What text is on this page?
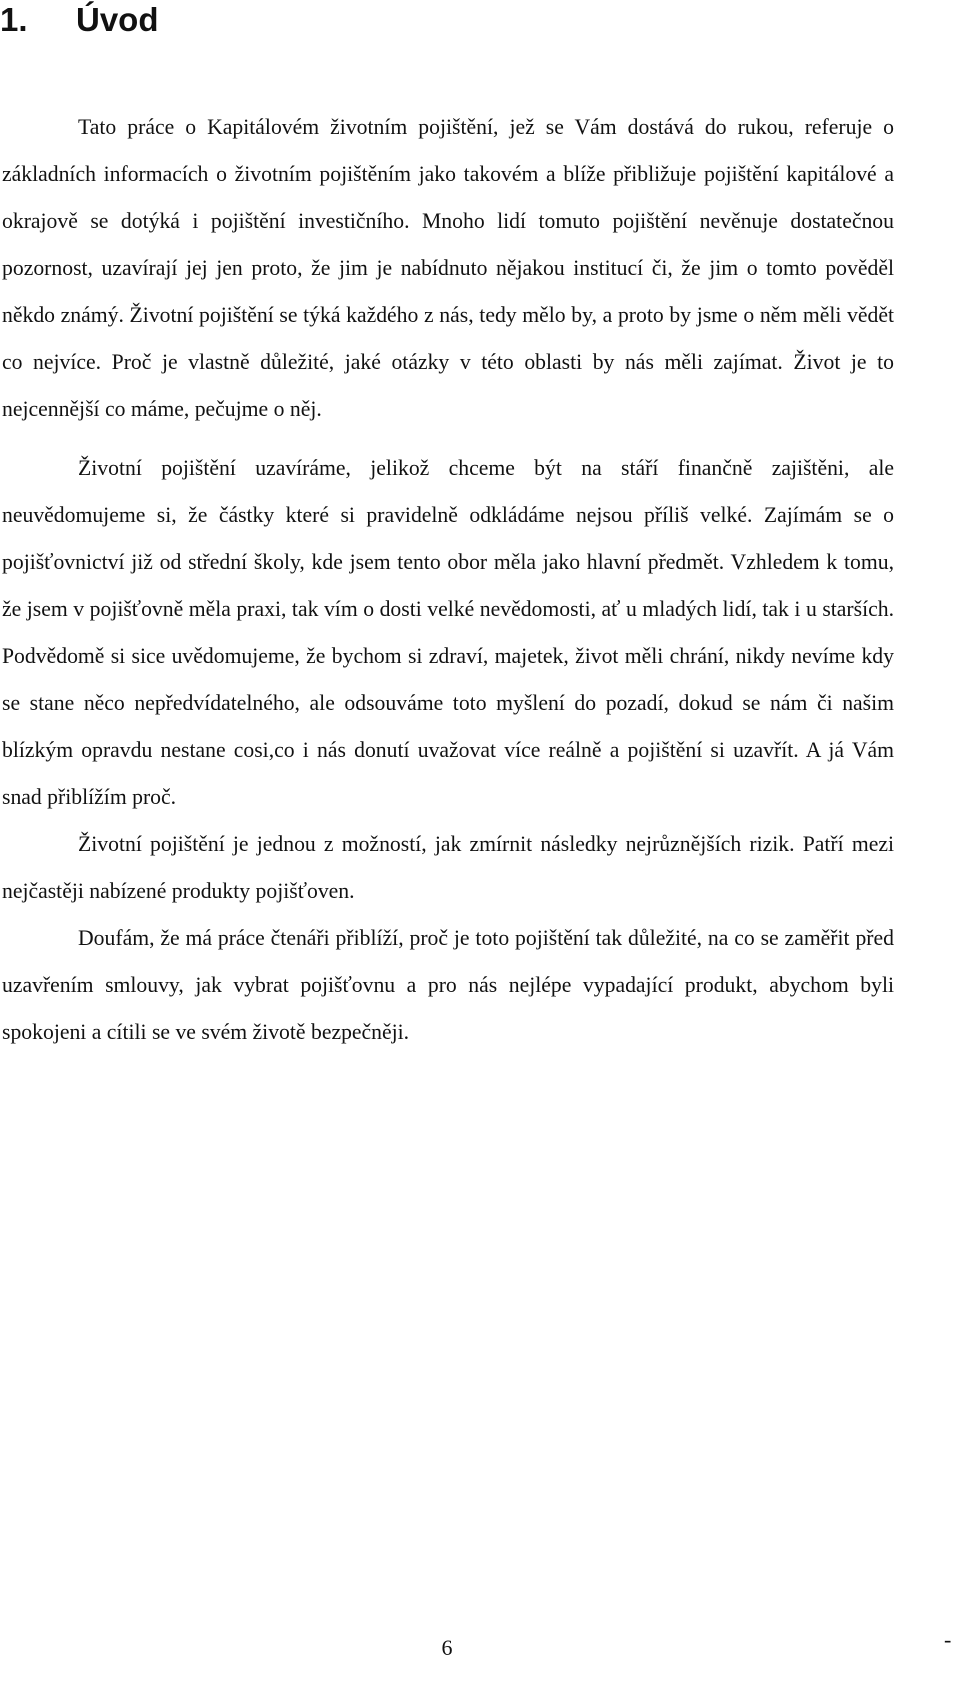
1. Úvod

Tato práce o Kapitálovém životním pojištění, jež se Vám dostává do rukou, referuje o základních informacích o životním pojištěním jako takovém a blíže přibližuje pojištění kapitálové a okrajově se dotýká i pojištění investičního. Mnoho lidí tomuto pojištění nevěnuje dostatečnou pozornost, uzavírají jej jen proto, že jim je nabídnuto nějakou institucí či, že jim o tomto pověděl někdo známý. Životní pojištění se týká každého z nás, tedy mělo by, a proto by jsme o něm měli vědět co nejvíce. Proč je vlastně důležité, jaké otázky v této oblasti by nás měli zajímat. Život je to nejcennější co máme, pečujme o něj.

Životní pojištění uzavíráme, jelikož chceme být na stáří finančně zajištěni, ale neuvědomujeme si, že částky které si pravidelně odkládáme nejsou příliš velké. Zajímám se o pojišťovnictví již od střední školy, kde jsem tento obor měla jako hlavní předmět. Vzhledem k tomu, že jsem v pojišťovně měla praxi, tak vím o dosti velké nevědomosti, ať u mladých lidí, tak i u starších. Podvědomě si sice uvědomujeme, že bychom si zdraví, majetek, život měli chrání, nikdy nevíme kdy se stane něco nepředvídatelného, ale odsouváme toto myšlení do pozadí, dokud se nám či našim blízkým opravdu nestane cosi,co i nás donutí uvažovat více reálně a pojištění si uzavřít. A já Vám snad přiblížím proč.

Životní pojištění je jednou z možností, jak zmírnit následky nejrůznějších rizik. Patří mezi nejčastěji nabízené produkty pojišťoven.

Doufám, že má práce čtenáři přiblíží, proč je toto pojištění tak důležité, na co se zaměřit před uzavřením smlouvy, jak vybrat pojišťovnu a pro nás nejlépe vypadající produkt, abychom byli spokojeni a cítili se ve svém životě bezpečněji.

6	-
